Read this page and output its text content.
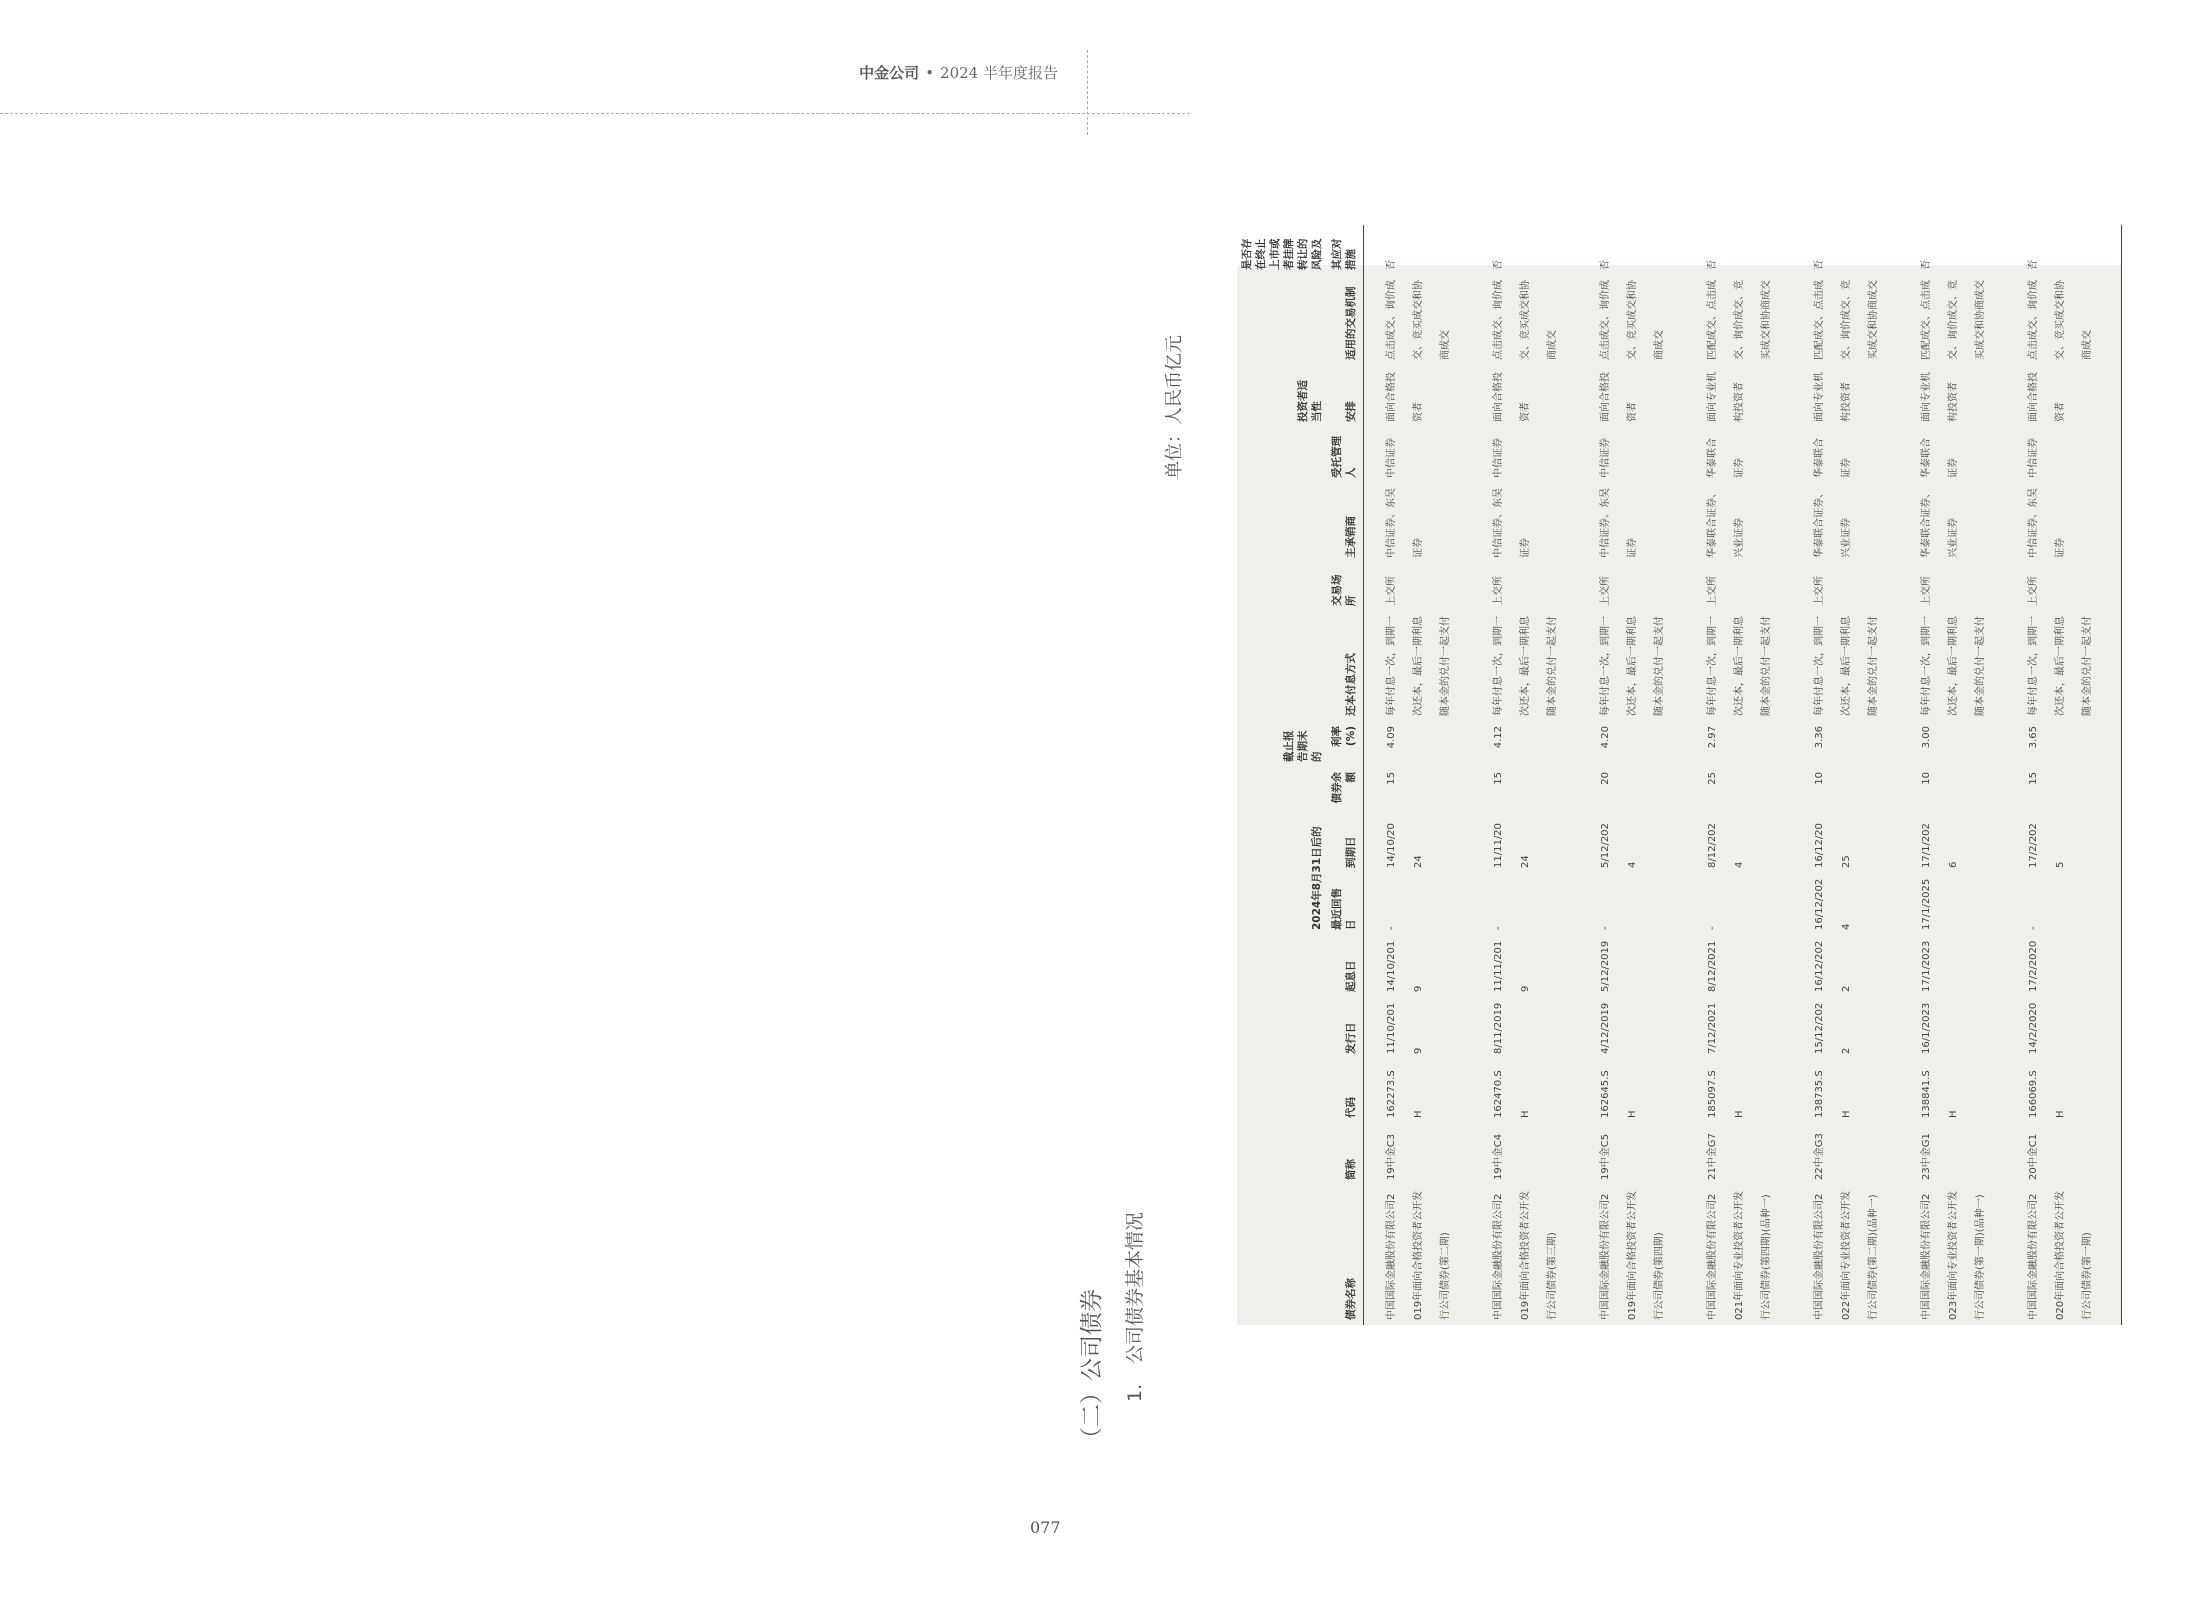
中金公司 • 2024 半年度报告
（二）公司债券 1.公司债券基本情况
单位：人民币亿元
					2024年8月31日后的			截止报告期末的					投资者适当性		是否存在终止上市或者挂牌转让的风险及
债券名称	简称	代码	发行日	起息日	最近回售日	到期日	债券余额	利率(%)	还本付息方式	交易场所	主承销商	受托管理人	安排	适用的交易机制	其应对措施

中国国际金融股份有限公司2019年面向合格投资者公开发行公司债券(第二期)	19中金C3	162273.SH	11/10/2019	14/10/2019	-	14/10/2024	15	4.09	每年付息一次，到期一次还本，最后一期利息随本金的兑付一起支付	上交所	中信证券、东吴证券	中信证券	面向合格投资者	点击成交、询价成交、竞买成交和协商成交	否
中国国际金融股份有限公司2019年面向合格投资者公开发行公司债券(第三期)	19中金C4	162470.SH	8/11/2019	11/11/2019	-	11/11/2024	15	4.12	每年付息一次，到期一次还本，最后一期利息随本金的兑付一起支付	上交所	中信证券、东吴证券	中信证券	面向合格投资者	点击成交、询价成交、竞买成交和协商成交	否
中国国际金融股份有限公司2019年面向合格投资者公开发行公司债券(第四期)	19中金C5	162645.SH	4/12/2019	5/12/2019	-	5/12/2024	20	4.20	每年付息一次，到期一次还本，最后一期利息随本金的兑付一起支付	上交所	中信证券、东吴证券	中信证券	面向合格投资者	点击成交、询价成交、竞买成交和协商成交	否
中国国际金融股份有限公司2021年面向专业投资者公开发行公司债券(第四期)(品种一)	21中金G7	185097.SH	7/12/2021	8/12/2021	-	8/12/2024	25	2.97	每年付息一次，到期一次还本，最后一期利息随本金的兑付一起支付	上交所	华泰联合证券、兴业证券	华泰联合证券	面向专业机构投资者	匹配成交、点击成交、询价成交、竞买成交和协商成交	否
中国国际金融股份有限公司2022年面向专业投资者公开发行公司债券(第二期)(品种一)	22中金G3	138735.SH	15/12/2022	16/12/2022	16/12/2024	16/12/2025	10	3.36	每年付息一次，到期一次还本，最后一期利息随本金的兑付一起支付	上交所	华泰联合证券、兴业证券	华泰联合证券	面向专业机构投资者	匹配成交、点击成交、询价成交、竞买成交和协商成交	否
中国国际金融股份有限公司2023年面向专业投资者公开发行公司债券(第一期)(品种一)	23中金G1	138841.SH	16/1/2023	17/1/2023	17/1/2025	17/1/2026	10	3.00	每年付息一次，到期一次还本，最后一期利息随本金的兑付一起支付	上交所	华泰联合证券、兴业证券	华泰联合证券	面向专业机构投资者	匹配成交、点击成交、询价成交、竞买成交和协商成交	否
中国国际金融股份有限公司2020年面向合格投资者公开发行公司债券(第一期)	20中金C1	166069.SH	14/2/2020	17/2/2020	-	17/2/2025	15	3.65	每年付息一次，到期一次还本，最后一期利息随本金的兑付一起支付	上交所	中信证券、东吴证券	中信证券	面向合格投资者	点击成交、询价成交、竞买成交和协商成交	否
077
